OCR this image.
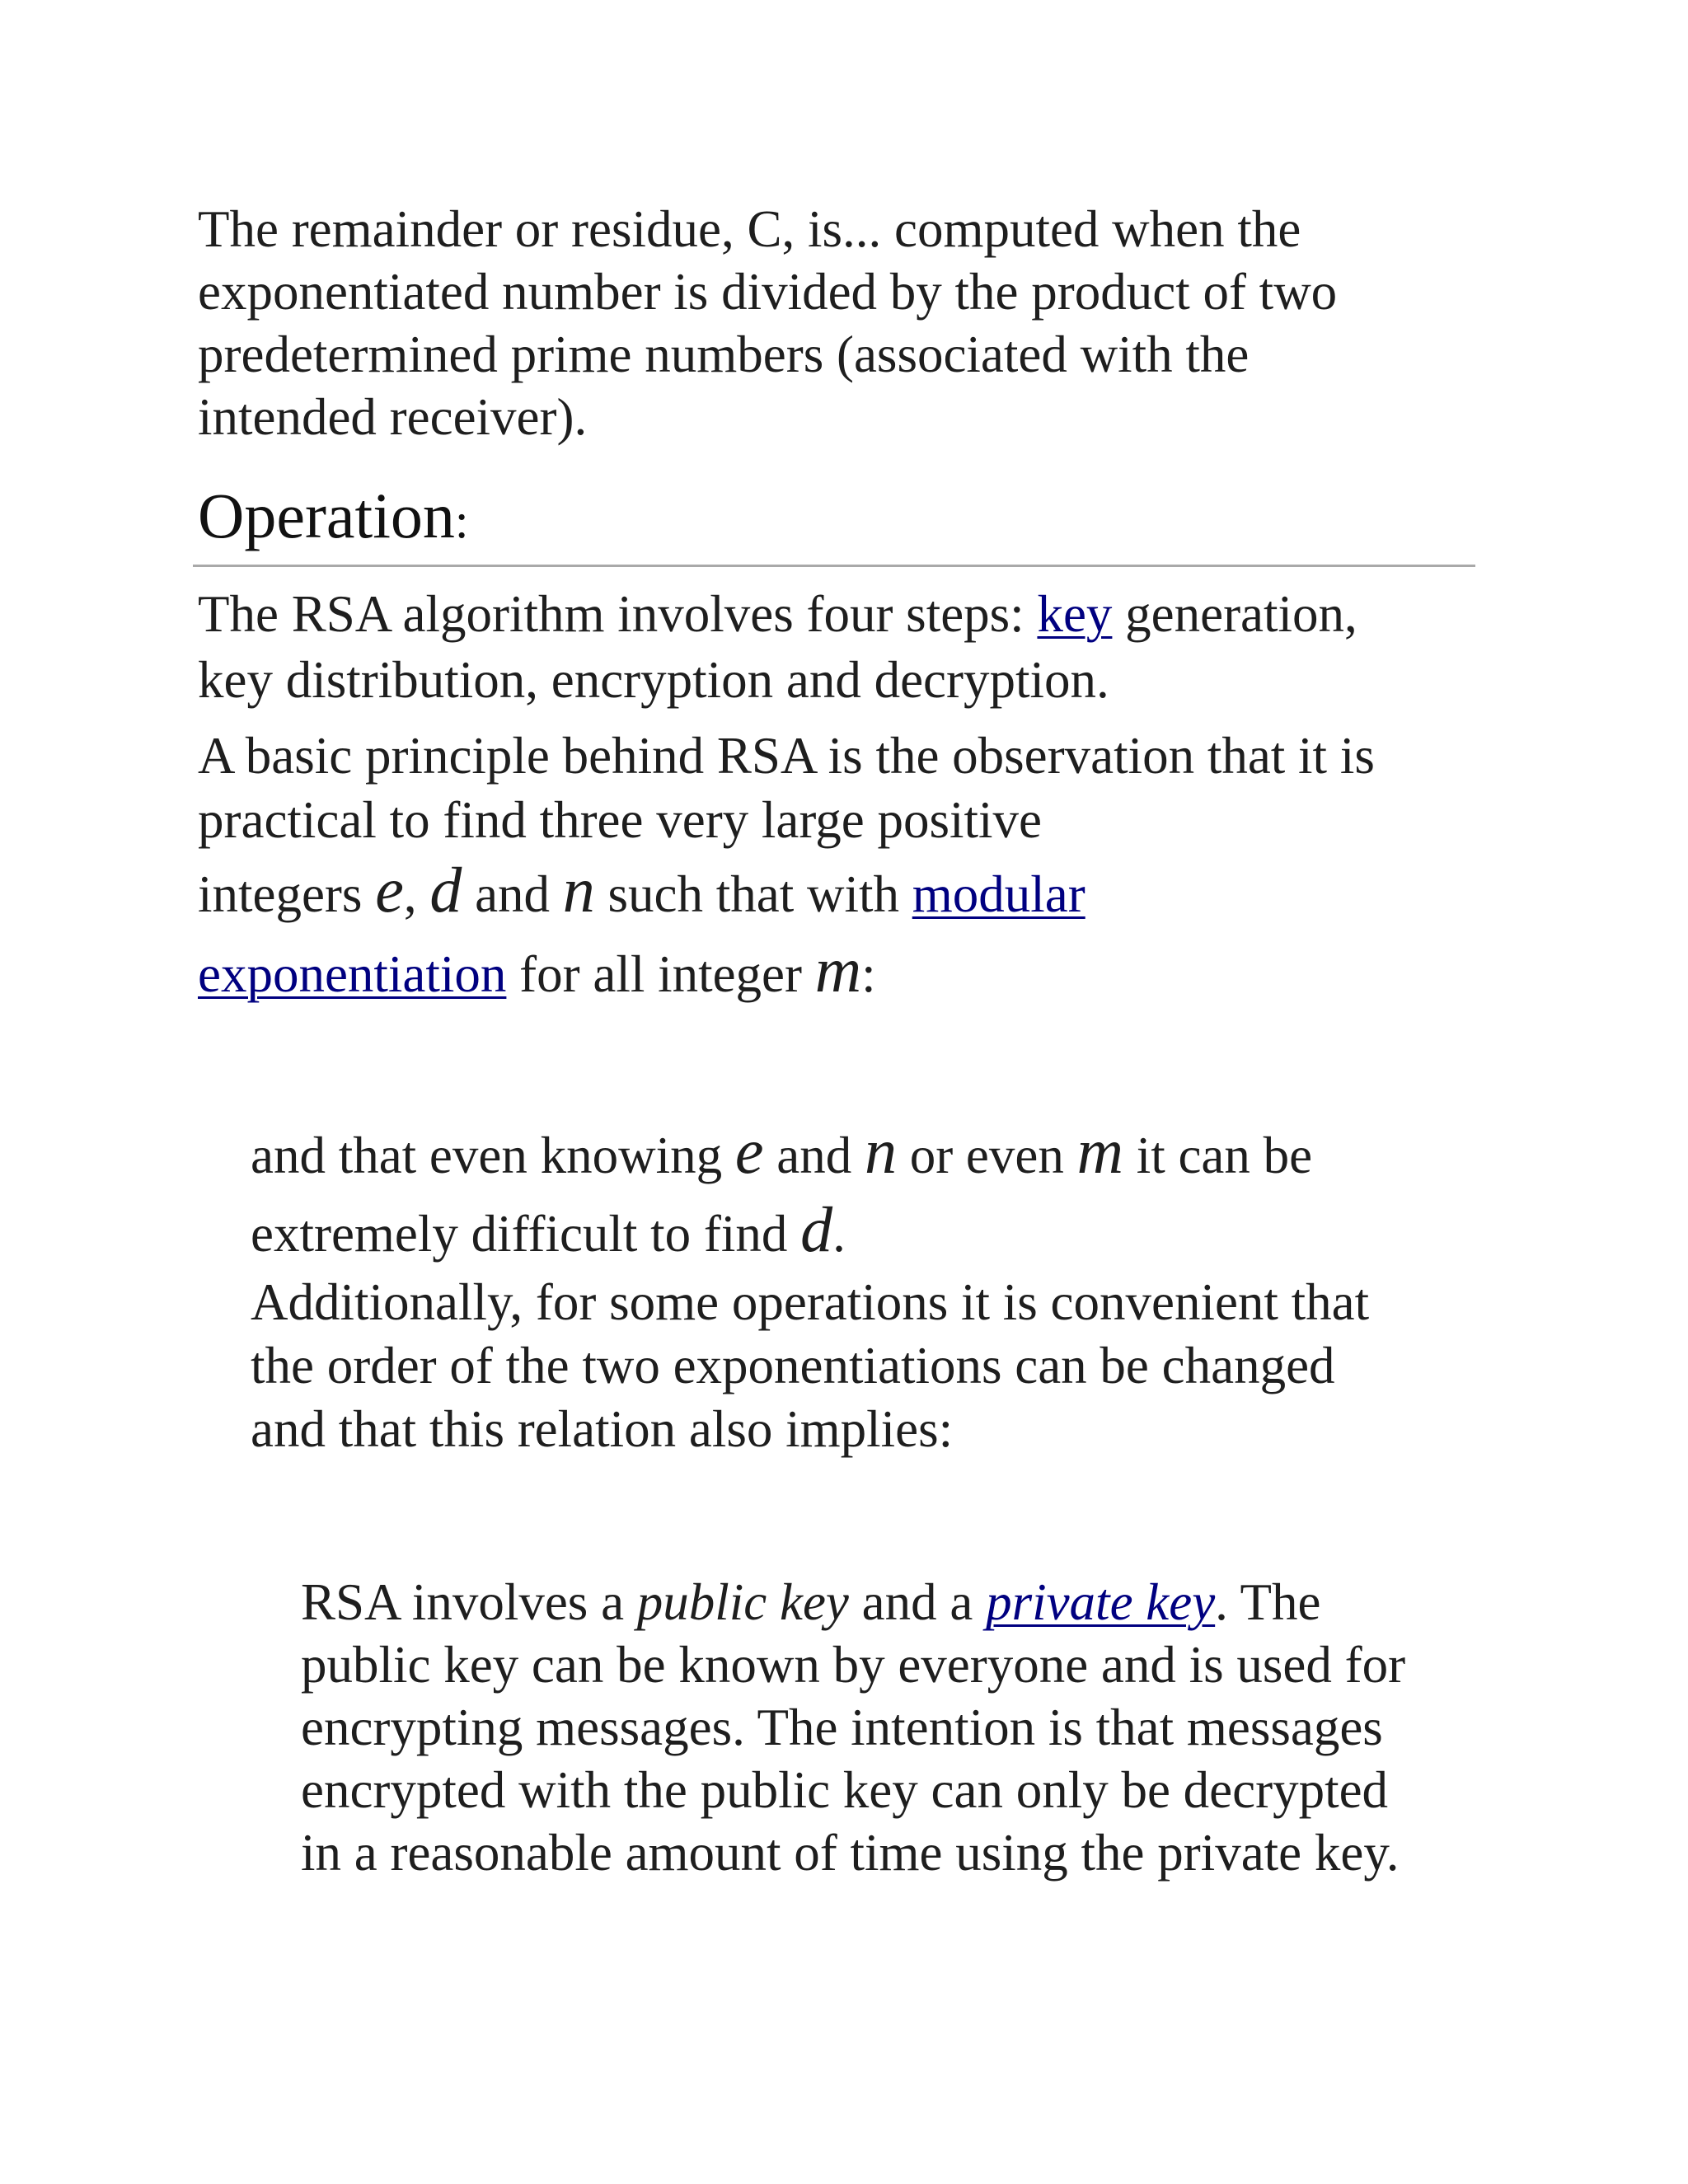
The remainder or residue, C, is... computed when the
exponentiated number is divided by the product of two
predetermined prime numbers (associated with the
intended receiver).

Operation:

The RSA algorithm involves four steps: key generation,
key distribution, encryption and decryption.

A basic principle behind RSA is the observation that it is
practical to find three very large positive
integers e, d and n such that with modular
exponentiation for all integer m:

and that even knowing e and n or even m it can be
extremely difficult to find d.

Additionally, for some operations it is convenient that
the order of the two exponentiations can be changed
and that this relation also implies:

RSA involves a public key and a private key. The
public key can be known by everyone and is used for
encrypting messages. The intention is that messages
encrypted with the public key can only be decrypted
in a reasonable amount of time using the private key.
